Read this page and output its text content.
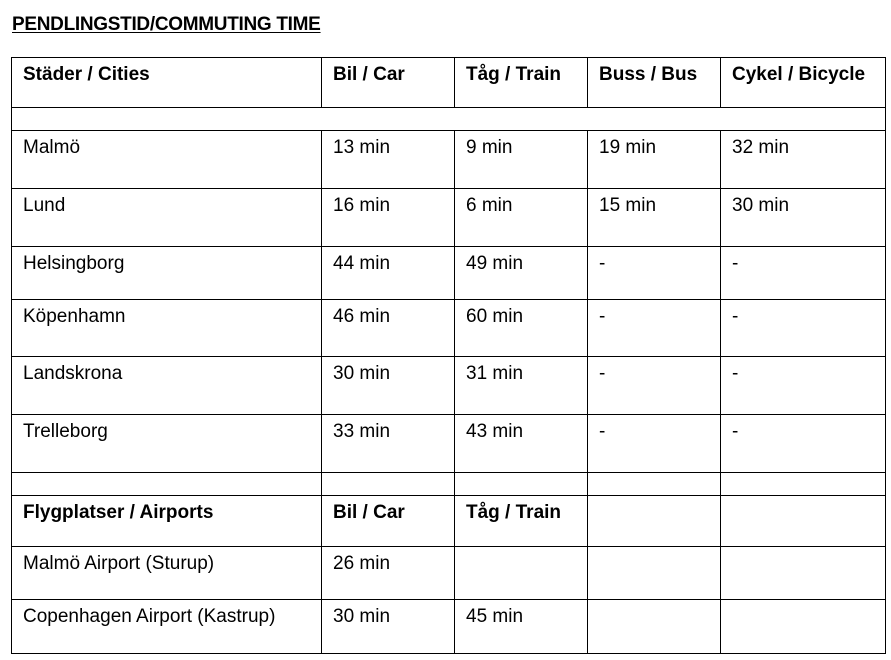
PENDLINGSTID/COMMUTING TIME
Städer / Cities	Bil / Car	Tåg / Train	Buss / Bus	Cykel / Bicycle

Malmö	13 min	9 min	19 min	32 min
Lund	16 min	6 min	15 min	30 min
Helsingborg	44 min	49 min	-	-
Köpenhamn	46 min	60 min	-	-
Landskrona	30 min	31 min	-	-
Trelleborg	33 min	43 min	-	-

Flygplatser / Airports	Bil / Car	Tåg / Train		
Malmö Airport (Sturup)	26 min			
Copenhagen Airport (Kastrup)	30 min	45 min		
